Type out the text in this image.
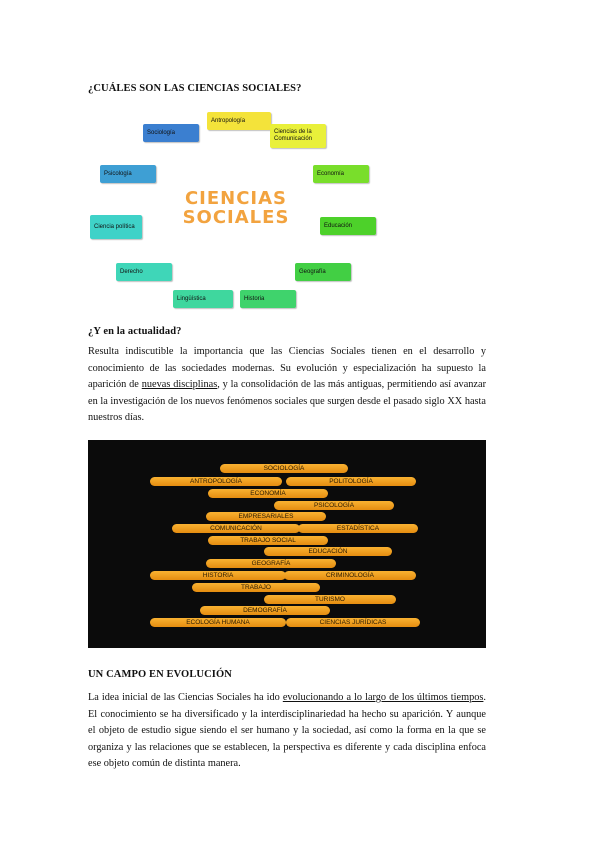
¿CUÁLES SON LAS CIENCIAS SOCIALES?
CIENCIAS
SOCIALES
Antropología
Ciencias de la Comunicación
Economía
Educación
Geografía
Historia
Lingüística
Derecho
Ciencia política
Psicología
Sociología
¿Y en la actualidad?

Resulta indiscutible la importancia que las Ciencias Sociales tienen en el desarrollo y conocimiento de las sociedades modernas. Su evolución y especialización ha supuesto la aparición de nuevas disciplinas, y la consolidación de las más antiguas, permitiendo así avanzar en la investigación de los nuevos fenómenos sociales que surgen desde el pasado siglo XX hasta nuestros días.

SOCIOLOGÍA
ANTROPOLOGÍA	POLITOLOGÍA
ECONOMÍA
PSICOLOGÍA
EMPRESARIALES
COMUNICACIÓN	ESTADÍSTICA
TRABAJO SOCIAL
EDUCACIÓN
GEOGRAFÍA
HISTORIA	CRIMINOLOGÍA
TRABAJO
TURISMO
DEMOGRAFÍA
ECOLOGÍA HUMANA	CIENCIAS JURÍDICAS
UN CAMPO EN EVOLUCIÓN

La idea inicial de las Ciencias Sociales ha ido evolucionando a lo largo de los últimos tiempos. El conocimiento se ha diversificado y la interdisciplinariedad ha hecho su aparición. Y aunque el objeto de estudio sigue siendo el ser humano y la sociedad, así como la forma en la que se organiza y las relaciones que se establecen, la perspectiva es diferente y cada disciplina enfoca ese objeto común de distinta manera.
